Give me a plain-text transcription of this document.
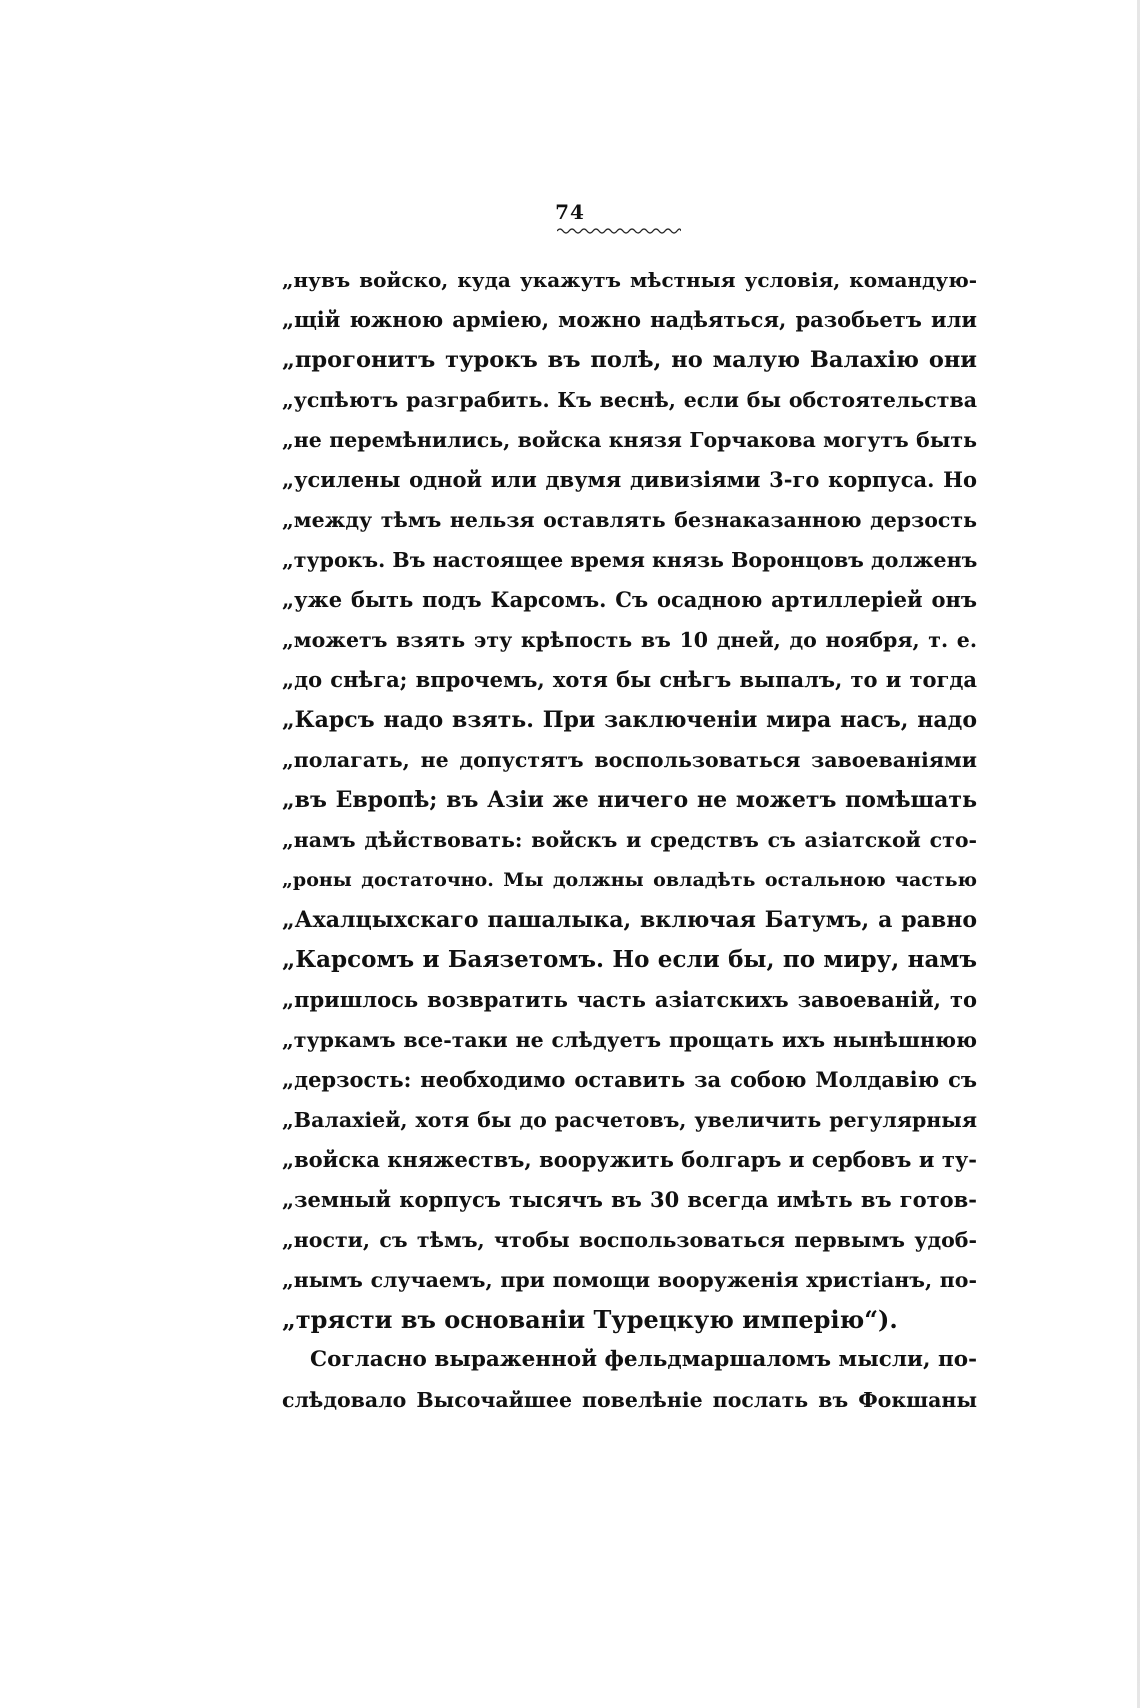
74
„нувъ войско, куда укажутъ мѣстныя условія, командую-
„щій южною арміею, можно надѣяться, разобьетъ или
„прогонитъ турокъ въ полѣ, но малую Валахію они
„успѣютъ разграбить. Къ веснѣ, если бы обстоятельства
„не перемѣнились, войска князя Горчакова могутъ быть
„усилены одной или двумя дивизіями 3-го корпуса. Но
„между тѣмъ нельзя оставлять безнаказанною дерзость
„турокъ. Въ настоящее время князь Воронцовъ долженъ
„уже быть подъ Карсомъ. Съ осадною артиллеріей онъ
„можетъ взять эту крѣпость въ 10 дней, до ноября, т. е.
„до снѣга; впрочемъ, хотя бы снѣгъ выпалъ, то и тогда
„Карсъ надо взять. При заключеніи мира насъ, надо
„полагать, не допустятъ воспользоваться завоеваніями
„въ Европѣ; въ Азіи же ничего не можетъ помѣшать
„намъ дѣйствовать: войскъ и средствъ съ азіатской сто-
„роны достаточно. Мы должны овладѣть остальною частью
„Ахалцыхскаго пашалыка, включая Батумъ, а равно
„Карсомъ и Баязетомъ. Но если бы, по миру, намъ
„пришлось возвратить часть азіатскихъ завоеваній, то
„туркамъ все-таки не слѣдуетъ прощать ихъ нынѣшнюю
„дерзость: необходимо оставить за собою Молдавію съ
„Валахіей, хотя бы до расчетовъ, увеличить регулярныя
„войска княжествъ, вооружить болгаръ и сербовъ и ту-
„земный корпусъ тысячъ въ 30 всегда имѣть въ готов-
„ности, съ тѣмъ, чтобы воспользоваться первымъ удоб-
„нымъ случаемъ, при помощи вооруженія христіанъ, по-
„трясти въ основаніи Турецкую имперію“).
Согласно выраженной фельдмаршаломъ мысли, по-
слѣдовало Высочайшее повелѣніе послать въ Фокшаны
